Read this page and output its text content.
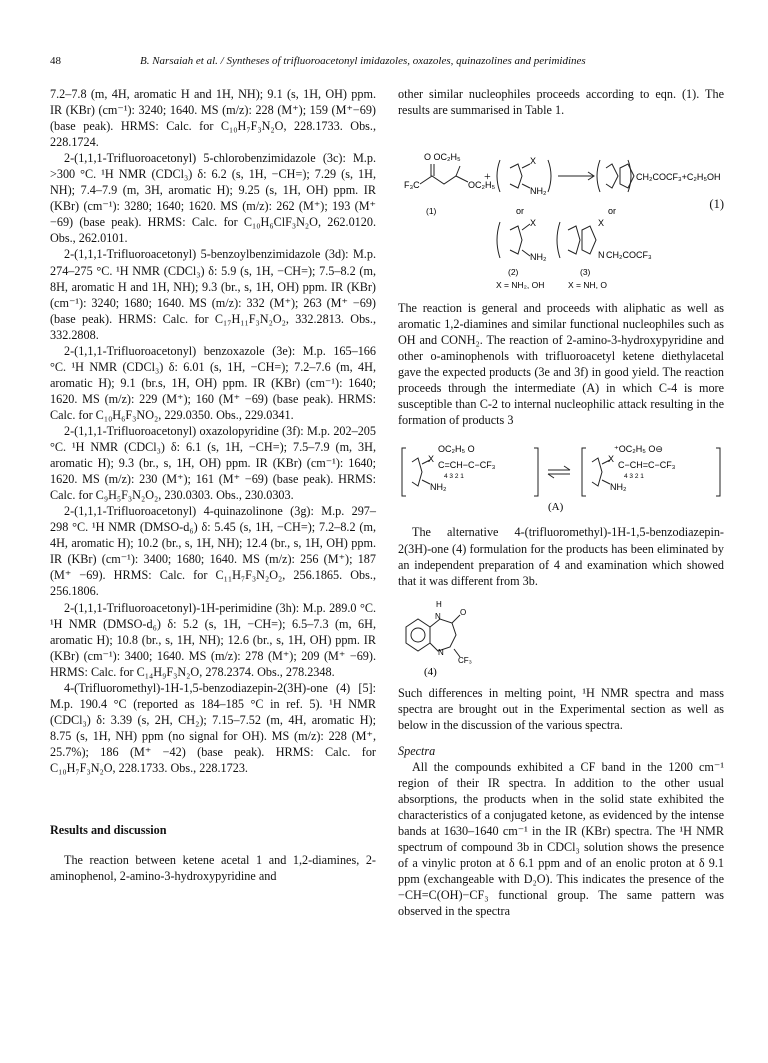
48	B. Narsaiah et al. / Syntheses of trifluoroacetonyl imidazoles, oxazoles, quinazolines and perimidines

7.2–7.8 (m, 4H, aromatic H and 1H, NH); 9.1 (s, 1H, OH) ppm. IR (KBr) (cm⁻¹): 3240; 1640. MS (m/z): 228 (M⁺); 159 (M⁺−69) (base peak). HRMS: Calc. for C₁₀H₇F₃N₂O, 228.1733. Obs., 228.1724.

2-(1,1,1-Trifluoroacetonyl) 5-chlorobenzimidazole (3c): M.p. >300 °C. ¹H NMR (CDCl₃) δ: 6.2 (s, 1H, −CH=); 7.29 (s, 1H, NH); 7.4–7.9 (m, 3H, aromatic H); 9.25 (s, 1H, OH) ppm. IR (KBr) (cm⁻¹): 3280; 1640; 1620. MS (m/z): 262 (M⁺); 193 (M⁺ −69) (base peak). HRMS: Calc. for C₁₀H₆ClF₃N₂O, 262.0120. Obs., 262.0101.

2-(1,1,1-Trifluoroacetonyl) 5-benzoylbenzimidazole (3d): M.p. 274–275 °C. ¹H NMR (CDCl₃) δ: 5.9 (s, 1H, −CH=); 7.5–8.2 (m, 8H, aromatic H and 1H, NH); 9.3 (br., s, 1H, OH) ppm. IR (KBr) (cm⁻¹): 3240; 1680; 1640. MS (m/z): 332 (M⁺); 263 (M⁺ −69) (base peak). HRMS: Calc. for C₁₇H₁₁F₃N₂O₂, 332.2813. Obs., 332.2808.

2-(1,1,1-Trifluoroacetonyl) benzoxazole (3e): M.p. 165–166 °C. ¹H NMR (CDCl₃) δ: 6.01 (s, 1H, −CH=); 7.2–7.6 (m, 4H, aromatic H); 9.1 (br.s, 1H, OH) ppm. IR (KBr) (cm⁻¹): 1640; 1620. MS (m/z): 229 (M⁺); 160 (M⁺ −69) (base peak). HRMS: Calc. for C₁₀H₆F₃NO₂, 229.0350. Obs., 229.0341.

2-(1,1,1-Trifluoroacetonyl) oxazolopyridine (3f): M.p. 202–205 °C. ¹H NMR (CDCl₃) δ: 6.1 (s, 1H, −CH=); 7.5–7.9 (m, 3H, aromatic H); 9.3 (br., s, 1H, OH) ppm. IR (KBr) (cm⁻¹): 1640; 1620. MS (m/z): 230 (M⁺); 161 (M⁺ −69) (base peak). HRMS: Calc. for C₉H₅F₃N₂O₂, 230.0303. Obs., 230.0303.

2-(1,1,1-Trifluoroacetonyl) 4-quinazolinone (3g): M.p. 297–298 °C. ¹H NMR (DMSO-d₆) δ: 5.45 (s, 1H, −CH=); 7.2–8.2 (m, 4H, aromatic H); 10.2 (br., s, 1H, NH); 12.4 (br., s, 1H, OH) ppm. IR (KBr) (cm⁻¹): 3400; 1680; 1640. MS (m/z): 256 (M⁺); 187 (M⁺ −69). HRMS: Calc. for C₁₁H₇F₃N₂O₂, 256.1865. Obs., 256.1806.

2-(1,1,1-Trifluoroacetonyl)-1H-perimidine (3h): M.p. 289.0 °C. ¹H NMR (DMSO-d₆) δ: 5.2 (s, 1H, −CH=); 6.5–7.3 (m, 6H, aromatic H); 10.8 (br., s, 1H, NH); 12.6 (br., s, 1H, OH) ppm. IR (KBr) (cm⁻¹): 3400; 1640. MS (m/z): 278 (M⁺); 209 (M⁺ −69). HRMS: Calc. for C₁₄H₉F₃N₂O, 278.2374. Obs., 278.2348.

4-(Trifluoromethyl)-1H-1,5-benzodiazepin-2(3H)-one (4) [5]: M.p. 190.4 °C (reported as 184–185 °C in ref. 5). ¹H NMR (CDCl₃) δ: 3.39 (s, 2H, CH₂); 7.15–7.52 (m, 4H, aromatic H); 8.75 (s, 1H, NH) ppm (no signal for OH). MS (m/z): 228 (M⁺, 25.7%); 186 (M⁺ −42) (base peak). HRMS: Calc. for C₁₀H₇F₃N₂O, 228.1733. Obs., 228.1723.

Results and discussion

The reaction between ketene acetal 1 and 1,2-diamines, 2-aminophenol, 2-amino-3-hydroxypyridine and

other similar nucleophiles proceeds according to eqn. (1). The results are summarised in Table 1.

O OC₂H₅
F₃C	OC₂H₅
+
X
NH₂
CH₂COCF₃+C₂H₅OH
(1)	or	or
X
NH₂
X
N CH₂COCF₃
(2)	(3)
X = NH₂, OH	X = NH, O
(1)

The reaction is general and proceeds with aliphatic as well as aromatic 1,2-diamines and similar functional nucleophiles such as OH and CONH₂. The reaction of 2-amino-3-hydroxypyridine and other o-aminophenols with trifluoroacetyl ketene diethylacetal gave the expected products (3e and 3f) in good yield. The reaction proceeds through the intermediate (A) in which C-4 is more susceptible than C-2 to internal nucleophilic attack resulting in the formation of products 3

OC₂H₅ O
X
C=CH−C−CF₃
4 3 2 1
NH₂
⁺OC₂H₅ O⊖
X
C−CH=C−CF₃
4 3 2 1
NH₂
(A)

The alternative 4-(trifluoromethyl)-1H-1,5-benzodiazepin-2(3H)-one (4) formulation for the products has been eliminated by an independent preparation of 4 and examination which showed that it was different from 3b.

H
N O
N
CF₃
(4)

Such differences in melting point, ¹H NMR spectra and mass spectra are brought out in the Experimental section as well as below in the discussion of the various spectra.

Spectra

All the compounds exhibited a CF band in the 1200 cm⁻¹ region of their IR spectra. In addition to the other usual absorptions, the products when in the solid state exhibited the characteristics of a conjugated ketone, as evidenced by the intense bands at 1630–1640 cm⁻¹ in the IR (KBr) spectra. The ¹H NMR spectrum of compound 3b in CDCl₃ solution shows the presence of a vinylic proton at δ 6.1 ppm and of an enolic proton at δ 9.1 ppm (exchangeable with D₂O). This indicates the presence of the −CH=C(OH)−CF₃ functional group. The same pattern was observed in the spectra
